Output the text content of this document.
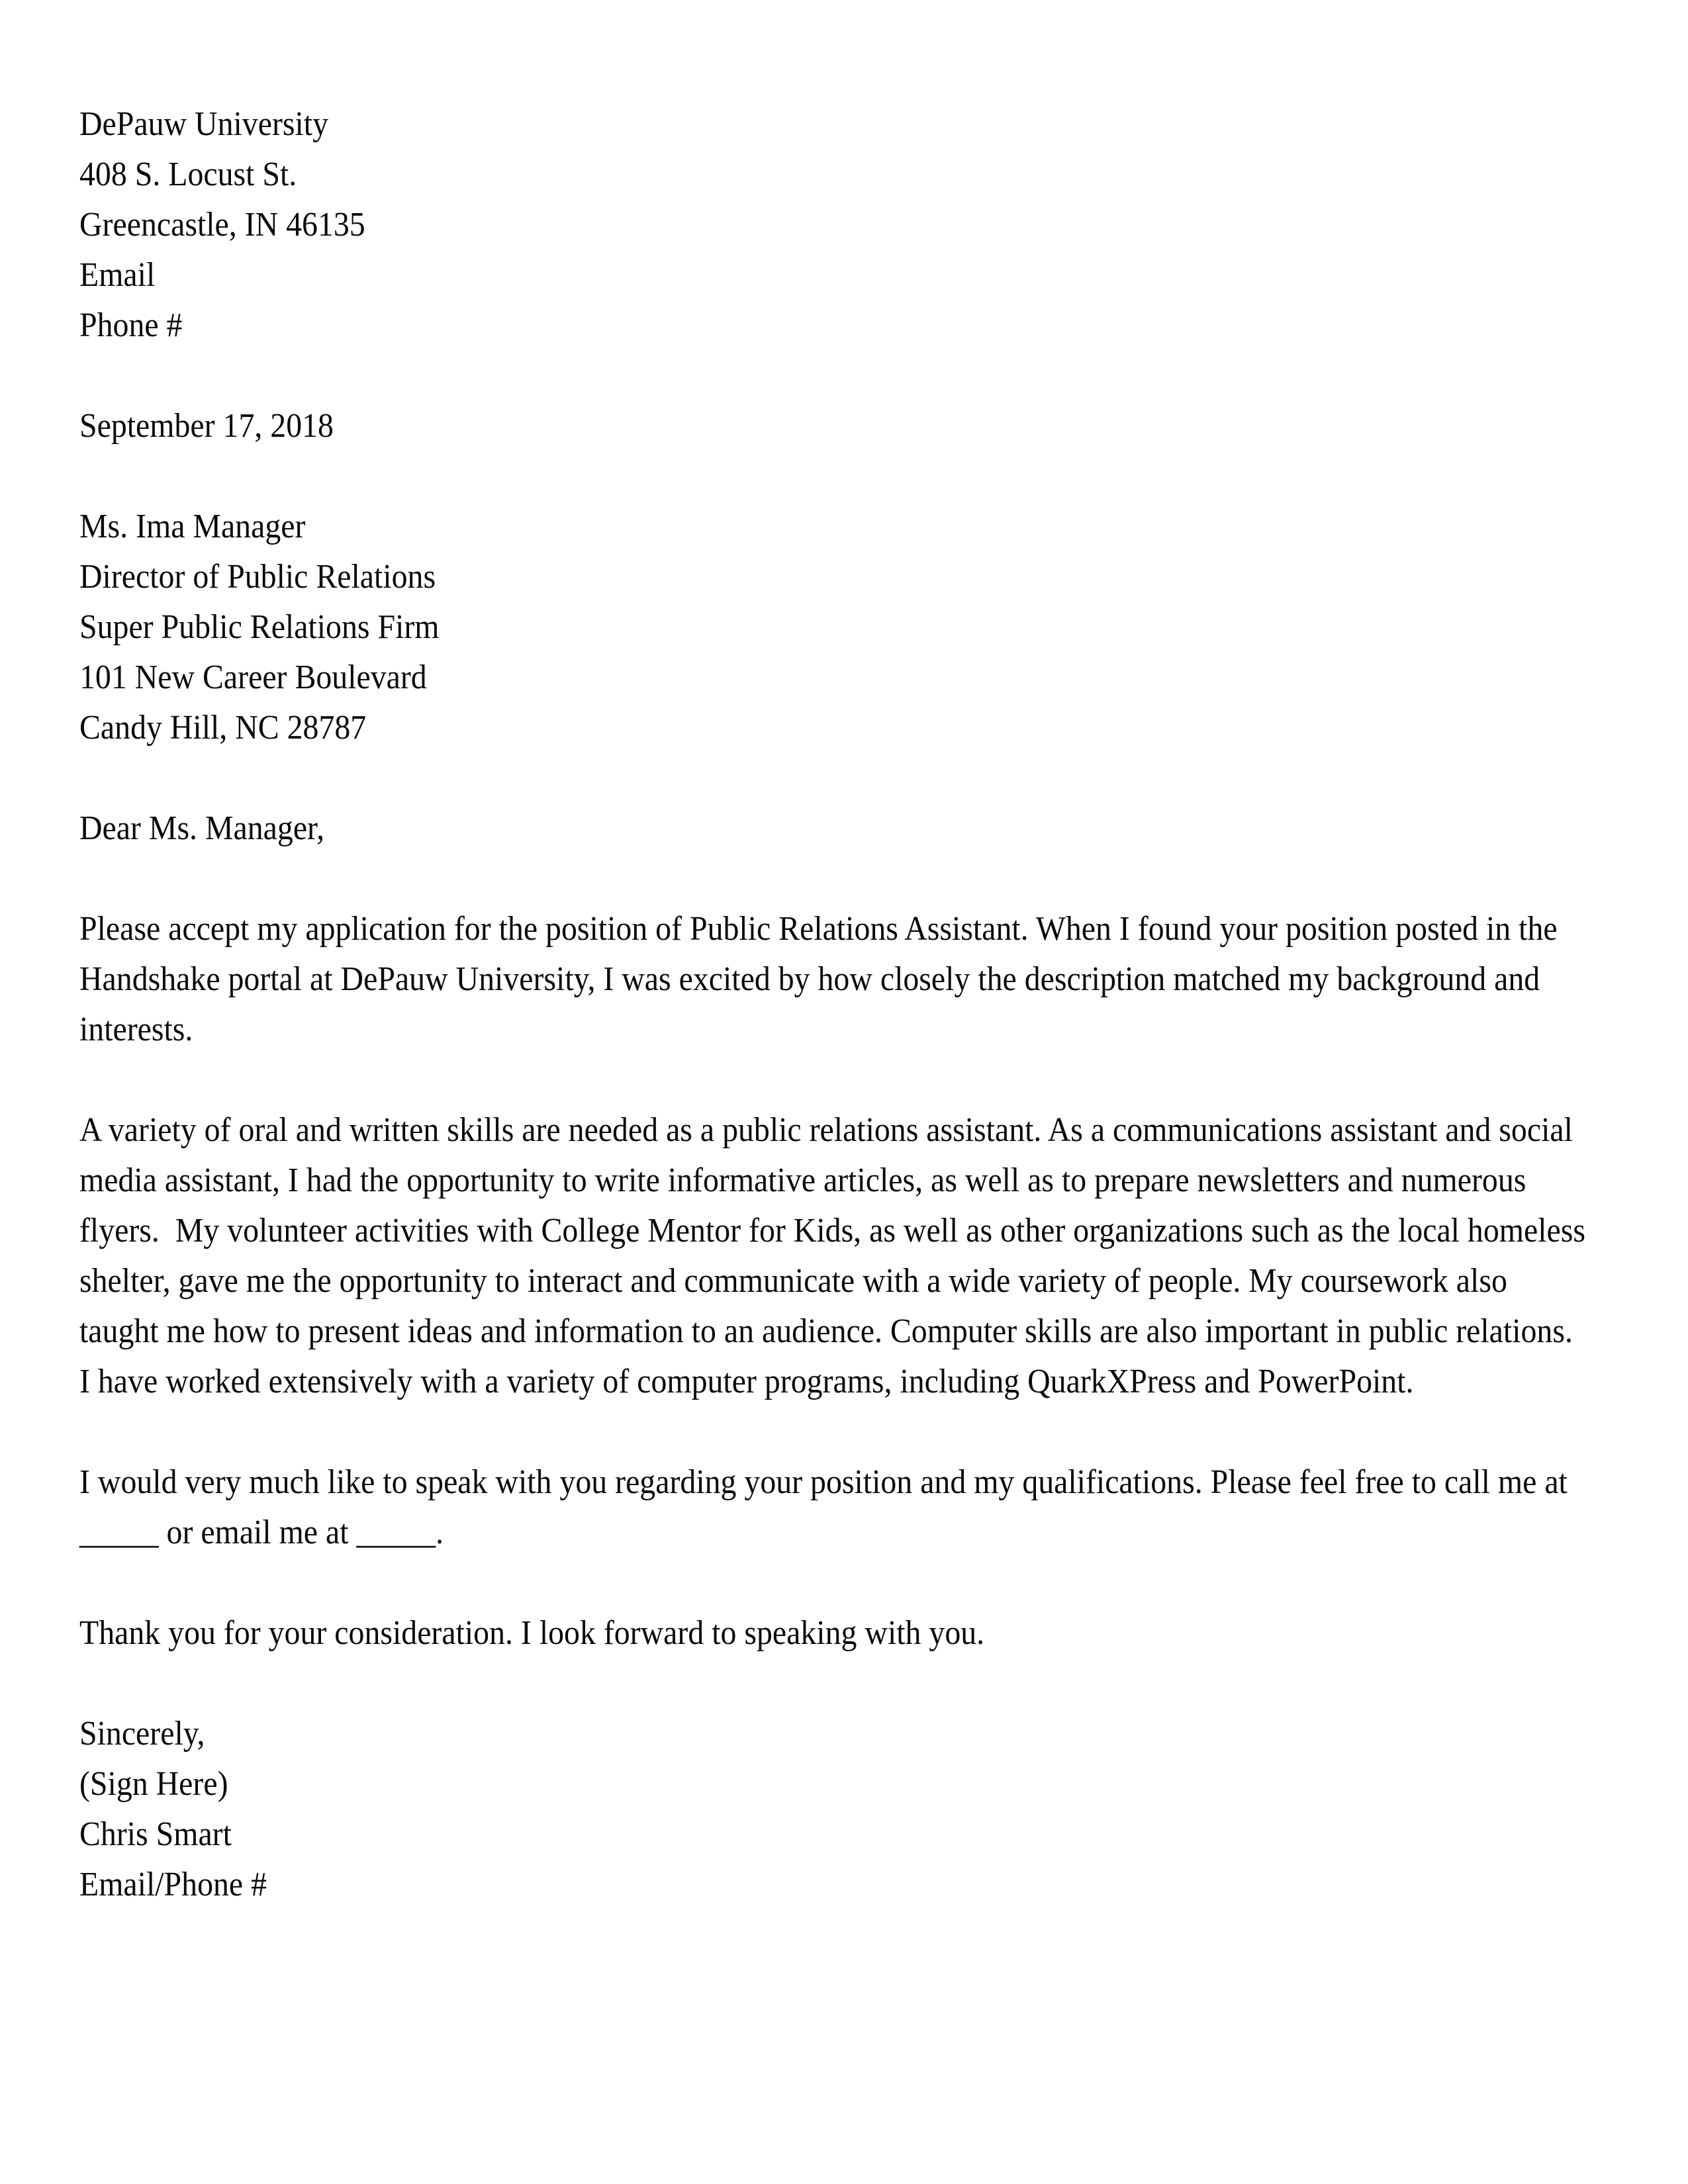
DePauw University
408 S. Locust St.
Greencastle, IN 46135
Email
Phone #
September 17, 2018
Ms. Ima Manager
Director of Public Relations
Super Public Relations Firm
101 New Career Boulevard
Candy Hill, NC 28787
Dear Ms. Manager,

Please accept my application for the position of Public Relations Assistant. When I found your position posted in the Handshake portal at DePauw University, I was excited by how closely the description matched my background and interests.

A variety of oral and written skills are needed as a public relations assistant. As a communications assistant and social media assistant, I had the opportunity to write informative articles, as well as to prepare newsletters and numerous flyers.  My volunteer activities with College Mentor for Kids, as well as other organizations such as the local homeless shelter, gave me the opportunity to interact and communicate with a wide variety of people. My coursework also taught me how to present ideas and information to an audience. Computer skills are also important in public relations. I have worked extensively with a variety of computer programs, including QuarkXPress and PowerPoint.

I would very much like to speak with you regarding your position and my qualifications. Please feel free to call me at _____ or email me at _____.

Thank you for your consideration. I look forward to speaking with you.

Sincerely,
(Sign Here)
Chris Smart
Email/Phone #
